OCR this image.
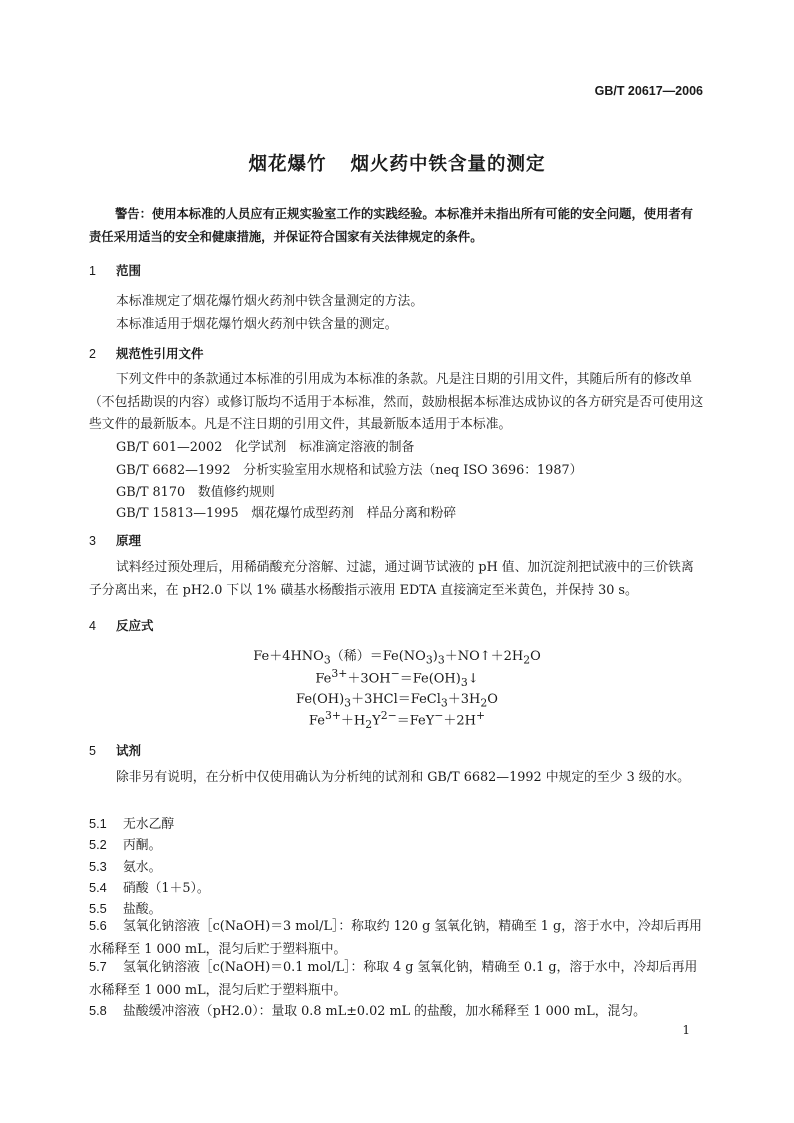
GB/T 20617—2006
烟花爆竹 烟火药中铁含量的测定
警告：使用本标准的人员应有正规实验室工作的实践经验。本标准并未指出所有可能的安全问题，使用者有责任采用适当的安全和健康措施，并保证符合国家有关法律规定的条件。
1 范围
本标准规定了烟花爆竹烟火药剂中铁含量测定的方法。
本标准适用于烟花爆竹烟火药剂中铁含量的测定。
2 规范性引用文件
下列文件中的条款通过本标准的引用成为本标准的条款。凡是注日期的引用文件，其随后所有的修改单（不包括勘误的内容）或修订版均不适用于本标准，然而，鼓励根据本标准达成协议的各方研究是否可使用这些文件的最新版本。凡是不注日期的引用文件，其最新版本适用于本标准。
GB/T 601—2002　化学试剂　标准滴定溶液的制备
GB/T 6682—1992　分析实验室用水规格和试验方法（neq ISO 3696：1987）
GB/T 8170　数值修约规则
GB/T 15813—1995　烟花爆竹成型药剂　样品分离和粉碎
3 原理
试料经过预处理后，用稀硝酸充分溶解、过滤，通过调节试液的 pH 值、加沉淀剂把试液中的三价铁离子分离出来，在 pH2.0 下以 1% 磺基水杨酸指示液用 EDTA 直接滴定至米黄色，并保持 30 s。
4 反应式
$Fe+4HNO_3$（稀）$=Fe(NO_3)_3+NO↑+2H_2O$
$Fe^{3+}+3OH^-=Fe(OH)_3↓$
$Fe(OH)_3+3HCl=FeCl_3+3H_2O$
$Fe^{3+}+H_2Y^{2-}=FeY^-+2H^+$
5 试剂
除非另有说明，在分析中仅使用确认为分析纯的试剂和 GB/T 6682—1992 中规定的至少 3 级的水。
5.1 无水乙醇
5.2 丙酮。
5.3 氨水。
5.4 硝酸（1＋5）。
5.5 盐酸。
5.6 氢氧化钠溶液［c(NaOH)＝3 mol/L］：称取约 120 g 氢氧化钠，精确至 1 g，溶于水中，冷却后再用水稀释至 1 000 mL，混匀后贮于塑料瓶中。
5.7 氢氧化钠溶液［c(NaOH)＝0.1 mol/L］：称取 4 g 氢氧化钠，精确至 0.1 g，溶于水中，冷却后再用水稀释至 1 000 mL，混匀后贮于塑料瓶中。
5.8 盐酸缓冲溶液（pH2.0）：量取 0.8 mL±0.02 mL 的盐酸，加水稀释至 1 000 mL，混匀。
1
